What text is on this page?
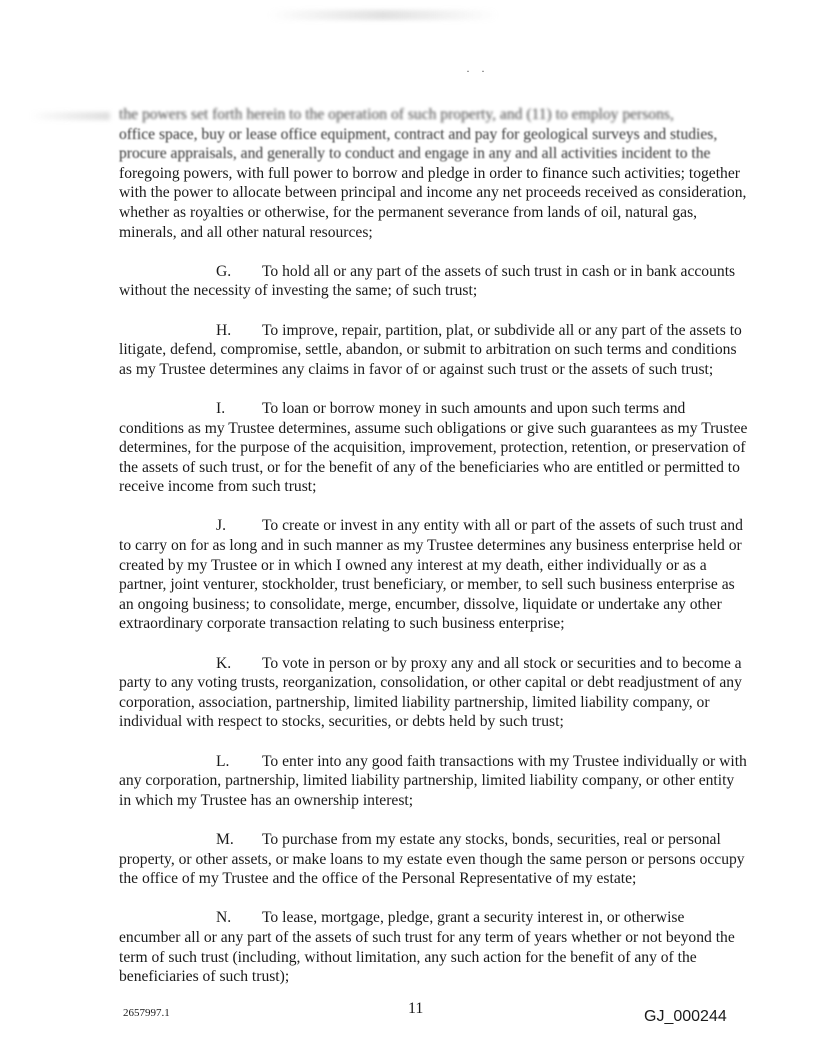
· ·

the powers set forth herein to the operation of such property, and (11) to employ persons,
office space, buy or lease office equipment, contract and pay for geological surveys and studies,
procure appraisals, and generally to conduct and engage in any and all activities incident to the foregoing powers, with full power to borrow and pledge in order to finance such activities; together with the power to allocate between principal and income any net proceeds received as consideration, whether as royalties or otherwise, for the permanent severance from lands of oil, natural gas, minerals, and all other natural resources;

G. To hold all or any part of the assets of such trust in cash or in bank accounts without the necessity of investing the same; of such trust;

H. To improve, repair, partition, plat, or subdivide all or any part of the assets to litigate, defend, compromise, settle, abandon, or submit to arbitration on such terms and conditions as my Trustee determines any claims in favor of or against such trust or the assets of such trust;

I. To loan or borrow money in such amounts and upon such terms and conditions as my Trustee determines, assume such obligations or give such guarantees as my Trustee determines, for the purpose of the acquisition, improvement, protection, retention, or preservation of the assets of such trust, or for the benefit of any of the beneficiaries who are entitled or permitted to receive income from such trust;

J. To create or invest in any entity with all or part of the assets of such trust and to carry on for as long and in such manner as my Trustee determines any business enterprise held or created by my Trustee or in which I owned any interest at my death, either individually or as a partner, joint venturer, stockholder, trust beneficiary, or member, to sell such business enterprise as an ongoing business; to consolidate, merge, encumber, dissolve, liquidate or undertake any other extraordinary corporate transaction relating to such business enterprise;

K. To vote in person or by proxy any and all stock or securities and to become a party to any voting trusts, reorganization, consolidation, or other capital or debt readjustment of any corporation, association, partnership, limited liability partnership, limited liability company, or individual with respect to stocks, securities, or debts held by such trust;

L. To enter into any good faith transactions with my Trustee individually or with any corporation, partnership, limited liability partnership, limited liability company, or other entity in which my Trustee has an ownership interest;

M. To purchase from my estate any stocks, bonds, securities, real or personal property, or other assets, or make loans to my estate even though the same person or persons occupy the office of my Trustee and the office of the Personal Representative of my estate;

N. To lease, mortgage, pledge, grant a security interest in, or otherwise encumber all or any part of the assets of such trust for any term of years whether or not beyond the term of such trust (including, without limitation, any such action for the benefit of any of the beneficiaries of such trust);

2657997.1	11	GJ_000244
